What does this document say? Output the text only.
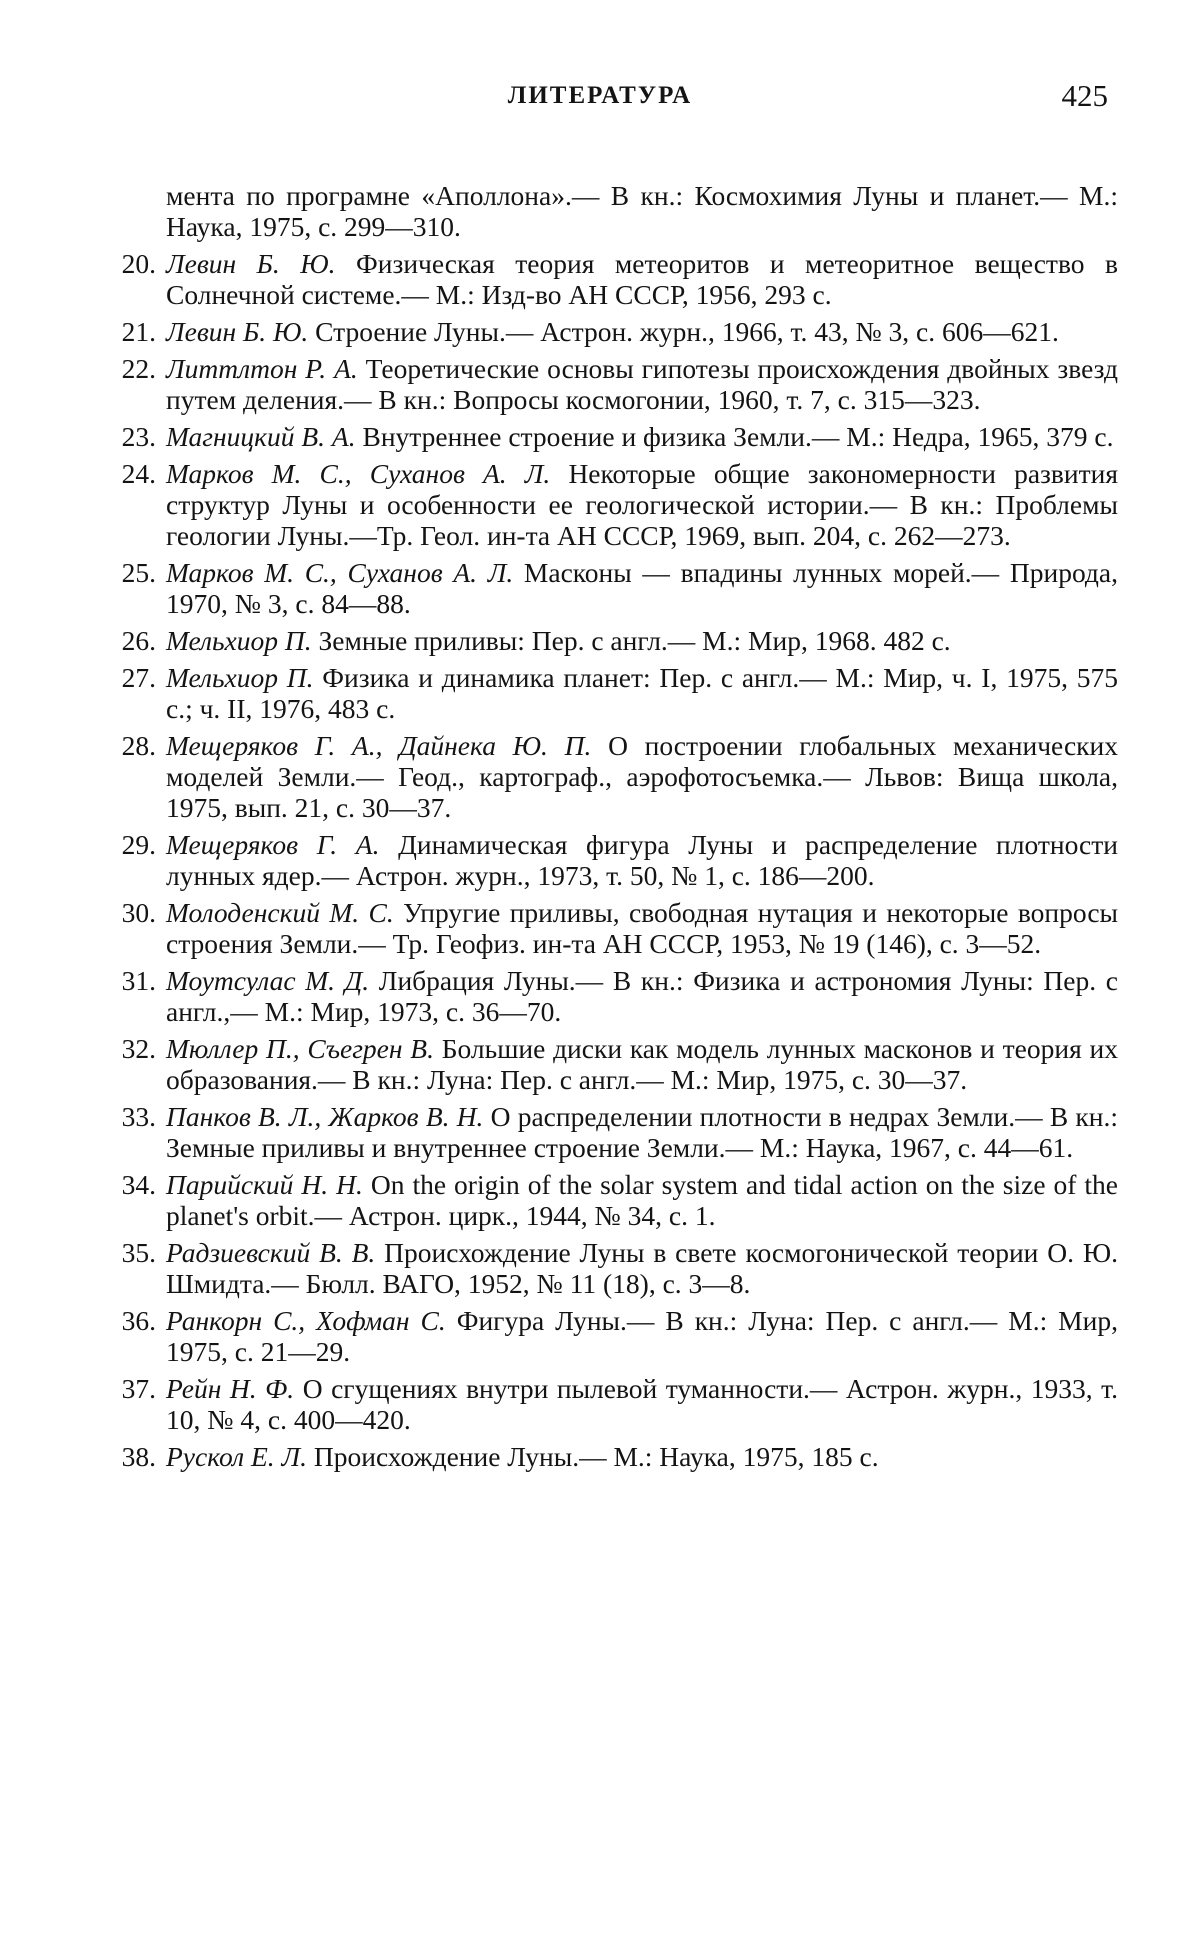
ЛИТЕРАТУРА	425
мента по програмне «Аполлона».— В кн.: Космохимия Луны и планет.— М.: Наука, 1975, с. 299—310.
20. Левин Б. Ю. Физическая теория метеоритов и метеоритное вещество в Солнечной системе.— М.: Изд-во АН СССР, 1956, 293 с.
21. Левин Б. Ю. Строение Луны.— Астрон. журн., 1966, т. 43, № 3, с. 606—621.
22. Литтлтон Р. А. Теоретические основы гипотезы происхождения двойных звезд путем деления.— В кн.: Вопросы космогонии, 1960, т. 7, с. 315—323.
23. Магницкий В. А. Внутреннее строение и физика Земли.— М.: Недра, 1965, 379 с.
24. Марков М. С., Суханов А. Л. Некоторые общие закономерности развития структур Луны и особенности ее геологической истории.— В кн.: Проблемы геологии Луны.—Тр. Геол. ин-та АН СССР, 1969, вып. 204, с. 262—273.
25. Марков М. С., Суханов А. Л. Масконы — впадины лунных морей.— Природа, 1970, № 3, с. 84—88.
26. Мельхиор П. Земные приливы: Пер. с англ.— М.: Мир, 1968. 482 с.
27. Мельхиор П. Физика и динамика планет: Пер. с англ.— М.: Мир, ч. I, 1975, 575 с.; ч. II, 1976, 483 с.
28. Мещеряков Г. А., Дайнека Ю. П. О построении глобальных механических моделей Земли.— Геод., картограф., аэрофотосъемка.— Львов: Вища школа, 1975, вып. 21, с. 30—37.
29. Мещеряков Г. А. Динамическая фигура Луны и распределение плотности лунных ядер.— Астрон. журн., 1973, т. 50, № 1, с. 186—200.
30. Молоденский М. С. Упругие приливы, свободная нутация и некоторые вопросы строения Земли.— Тр. Геофиз. ин-та АН СССР, 1953, № 19 (146), с. 3—52.
31. Моутсулас М. Д. Либрация Луны.— В кн.: Физика и астрономия Луны: Пер. с англ.,— М.: Мир, 1973, с. 36—70.
32. Мюллер П., Съегрен В. Большие диски как модель лунных масконов и теория их образования.— В кн.: Луна: Пер. с англ.— М.: Мир, 1975, с. 30—37.
33. Панков В. Л., Жарков В. Н. О распределении плотности в недрах Земли.— В кн.: Земные приливы и внутреннее строение Земли.— М.: Наука, 1967, с. 44—61.
34. Парийский Н. Н. On the origin of the solar system and tidal action on the size of the planet's orbit.— Астрон. цирк., 1944, № 34, с. 1.
35. Радзиевский В. В. Происхождение Луны в свете космогонической теории О. Ю. Шмидта.— Бюлл. ВАГО, 1952, № 11 (18), с. 3—8.
36. Ранкорн С., Хофман С. Фигура Луны.— В кн.: Луна: Пер. с англ.— М.: Мир, 1975, с. 21—29.
37. Рейн Н. Ф. О сгущениях внутри пылевой туманности.— Астрон. журн., 1933, т. 10, № 4, с. 400—420.
38. Рускол Е. Л. Происхождение Луны.— М.: Наука, 1975, 185 с.
